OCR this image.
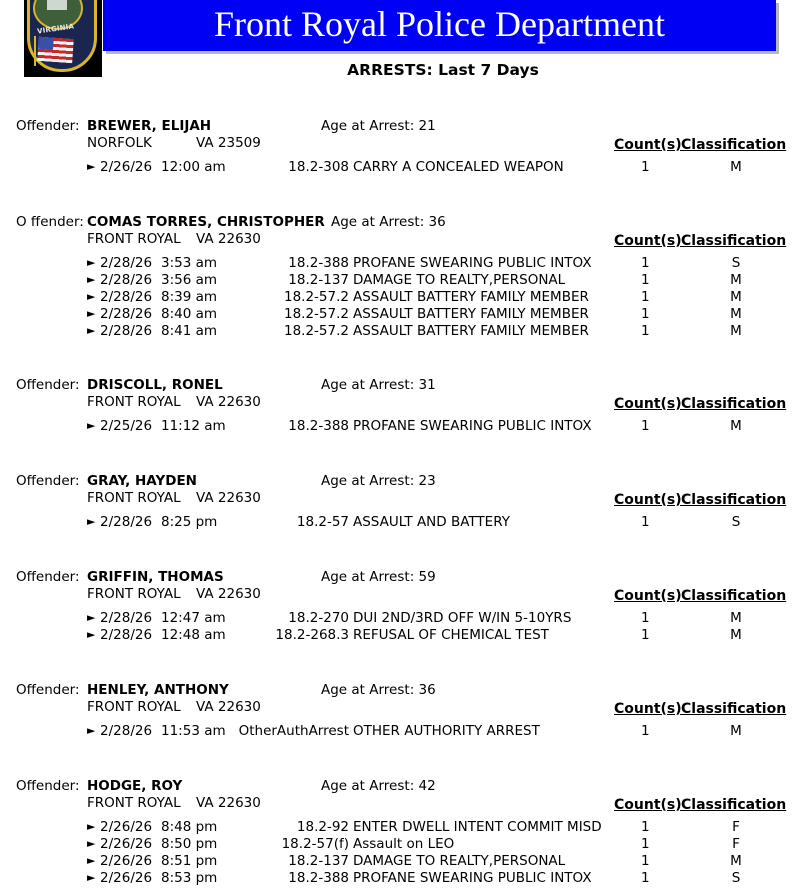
VIRGINIA	Front Royal Police Department
ARRESTS: Last 7 Days
Offender: BREWER, ELIJAH	Age at Arrest: 21
NORFOLK	VA 23509	Count(s) Classification
► 2/26/26 12:00 am	18.2-308 CARRY A CONCEALED WEAPON	1	M
O ffender: COMAS TORRES, CHRISTOPHER Age at Arrest: 36
FRONT ROYAL VA 22630	Count(s) Classification
► 2/28/26 3:53 am	18.2-388 PROFANE SWEARING PUBLIC INTOX	1	S
► 2/28/26 3:56 am	18.2-137 DAMAGE TO REALTY,PERSONAL	1	M
► 2/28/26 8:39 am	18.2-57.2 ASSAULT BATTERY FAMILY MEMBER	1	M
► 2/28/26 8:40 am	18.2-57.2 ASSAULT BATTERY FAMILY MEMBER	1	M
► 2/28/26 8:41 am	18.2-57.2 ASSAULT BATTERY FAMILY MEMBER	1	M
Offender: DRISCOLL, RONEL	Age at Arrest: 31
FRONT ROYAL VA 22630	Count(s) Classification
► 2/25/26 11:12 am	18.2-388 PROFANE SWEARING PUBLIC INTOX	1	M
Offender: GRAY, HAYDEN	Age at Arrest: 23
FRONT ROYAL VA 22630	Count(s) Classification
► 2/28/26 8:25 pm	18.2-57 ASSAULT AND BATTERY	1	S
Offender: GRIFFIN, THOMAS	Age at Arrest: 59
FRONT ROYAL VA 22630	Count(s) Classification
► 2/28/26 12:47 am	18.2-270 DUI 2ND/3RD OFF W/IN 5-10YRS	1	M
► 2/28/26 12:48 am	18.2-268.3 REFUSAL OF CHEMICAL TEST	1	M
Offender: HENLEY, ANTHONY	Age at Arrest: 36
FRONT ROYAL VA 22630	Count(s) Classification
► 2/28/26 11:53 am OtherAuthArrest OTHER AUTHORITY ARREST	1	M
Offender: HODGE, ROY	Age at Arrest: 42
FRONT ROYAL VA 22630	Count(s) Classification
► 2/26/26 8:48 pm	18.2-92 ENTER DWELL INTENT COMMIT MISD	1	F
► 2/26/26 8:50 pm	18.2-57(f) Assault on LEO	1	F
► 2/26/26 8:51 pm	18.2-137 DAMAGE TO REALTY,PERSONAL	1	M
► 2/26/26 8:53 pm	18.2-388 PROFANE SWEARING PUBLIC INTOX	1	S
